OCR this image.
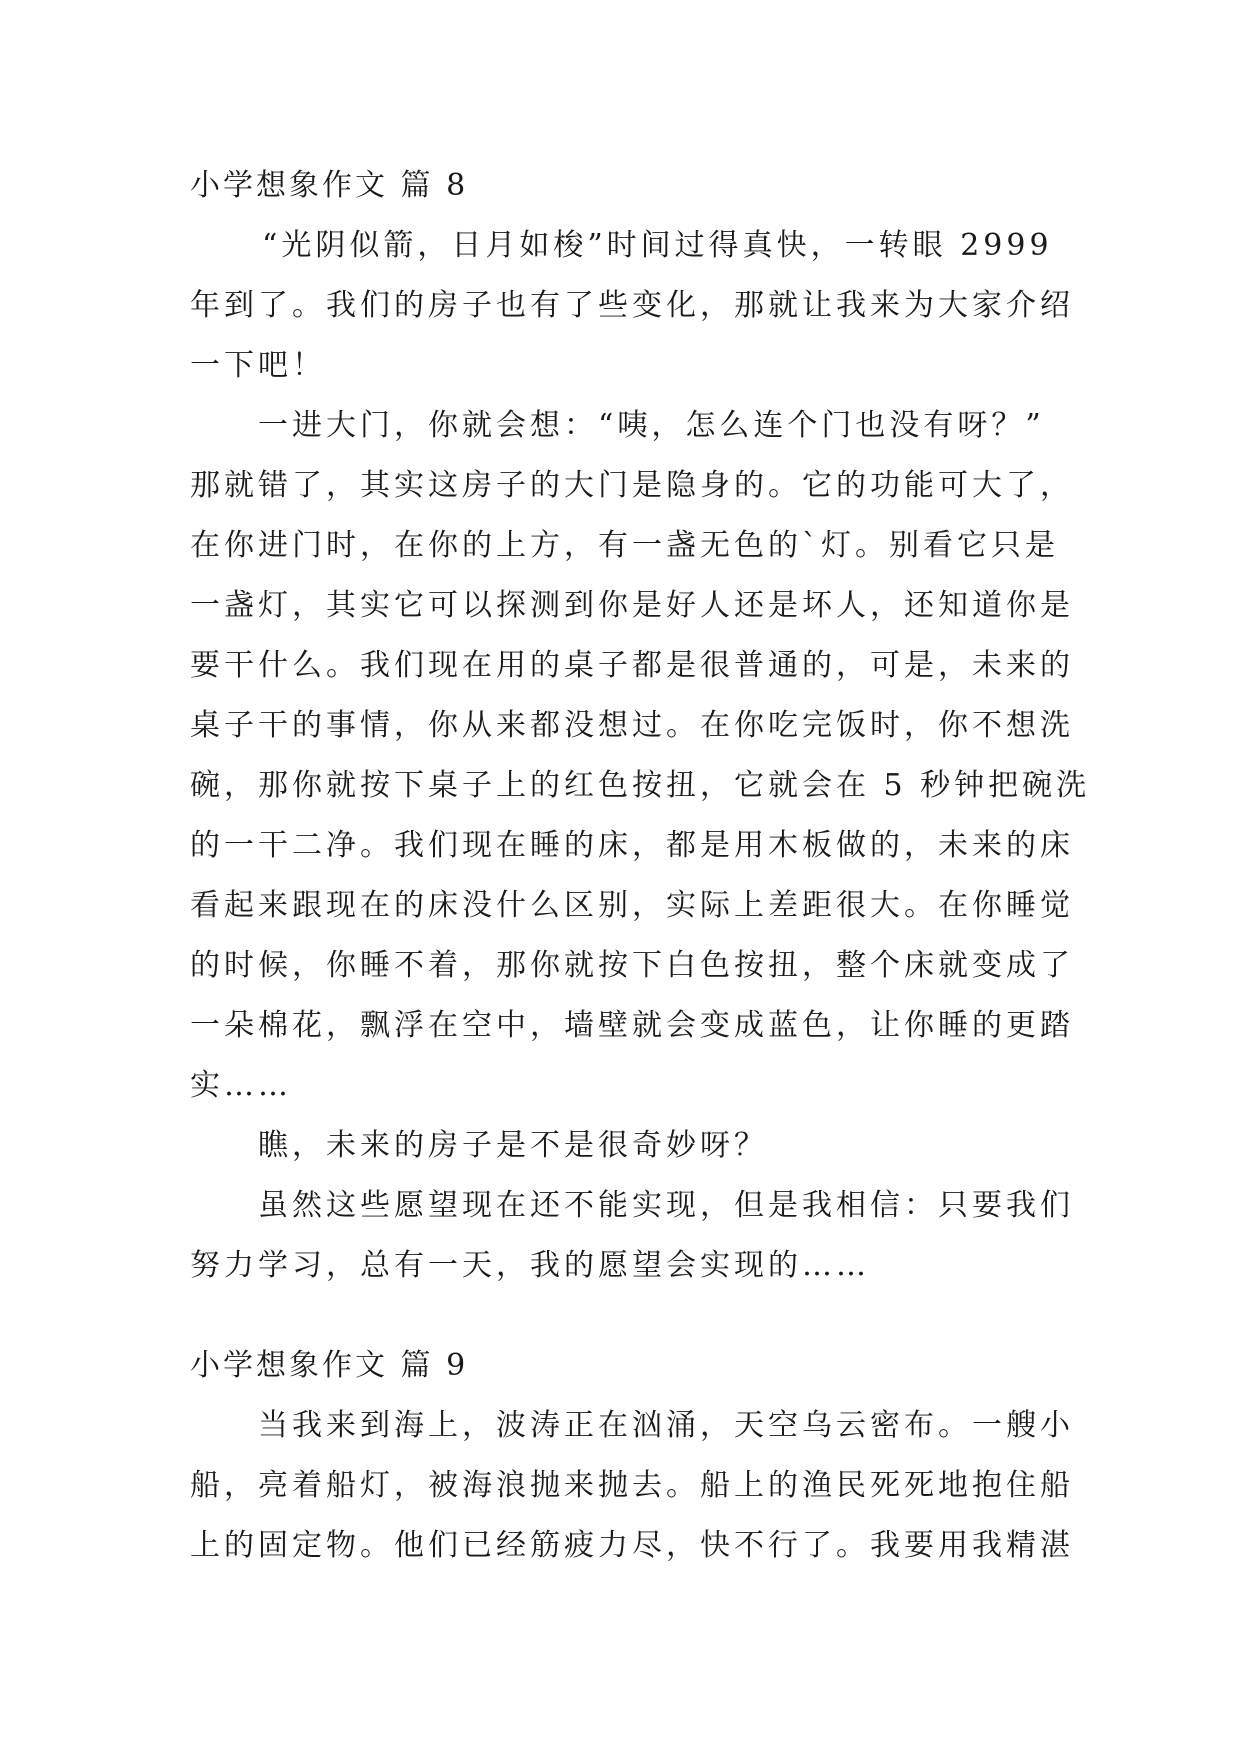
小学想象作文 篇 8
“光阴似箭，日月如梭”时间过得真快，一转眼 2999
年到了。我们的房子也有了些变化，那就让我来为大家介绍
一下吧！
一进大门，你就会想：“咦，怎么连个门也没有呀？”
那就错了，其实这房子的大门是隐身的。它的功能可大了，
在你进门时，在你的上方，有一盏无色的`灯。别看它只是
一盏灯，其实它可以探测到你是好人还是坏人，还知道你是
要干什么。我们现在用的桌子都是很普通的，可是，未来的
桌子干的事情，你从来都没想过。在你吃完饭时，你不想洗
碗，那你就按下桌子上的红色按扭，它就会在 5 秒钟把碗洗
的一干二净。我们现在睡的床，都是用木板做的，未来的床
看起来跟现在的床没什么区别，实际上差距很大。在你睡觉
的时候，你睡不着，那你就按下白色按扭，整个床就变成了
一朵棉花，飘浮在空中，墙壁就会变成蓝色，让你睡的更踏
实……
瞧，未来的房子是不是很奇妙呀？
虽然这些愿望现在还不能实现，但是我相信：只要我们
努力学习，总有一天，我的愿望会实现的……
小学想象作文 篇 9
当我来到海上，波涛正在汹涌，天空乌云密布。一艘小
船，亮着船灯，被海浪抛来抛去。船上的渔民死死地抱住船
上的固定物。他们已经筋疲力尽，快不行了。我要用我精湛
